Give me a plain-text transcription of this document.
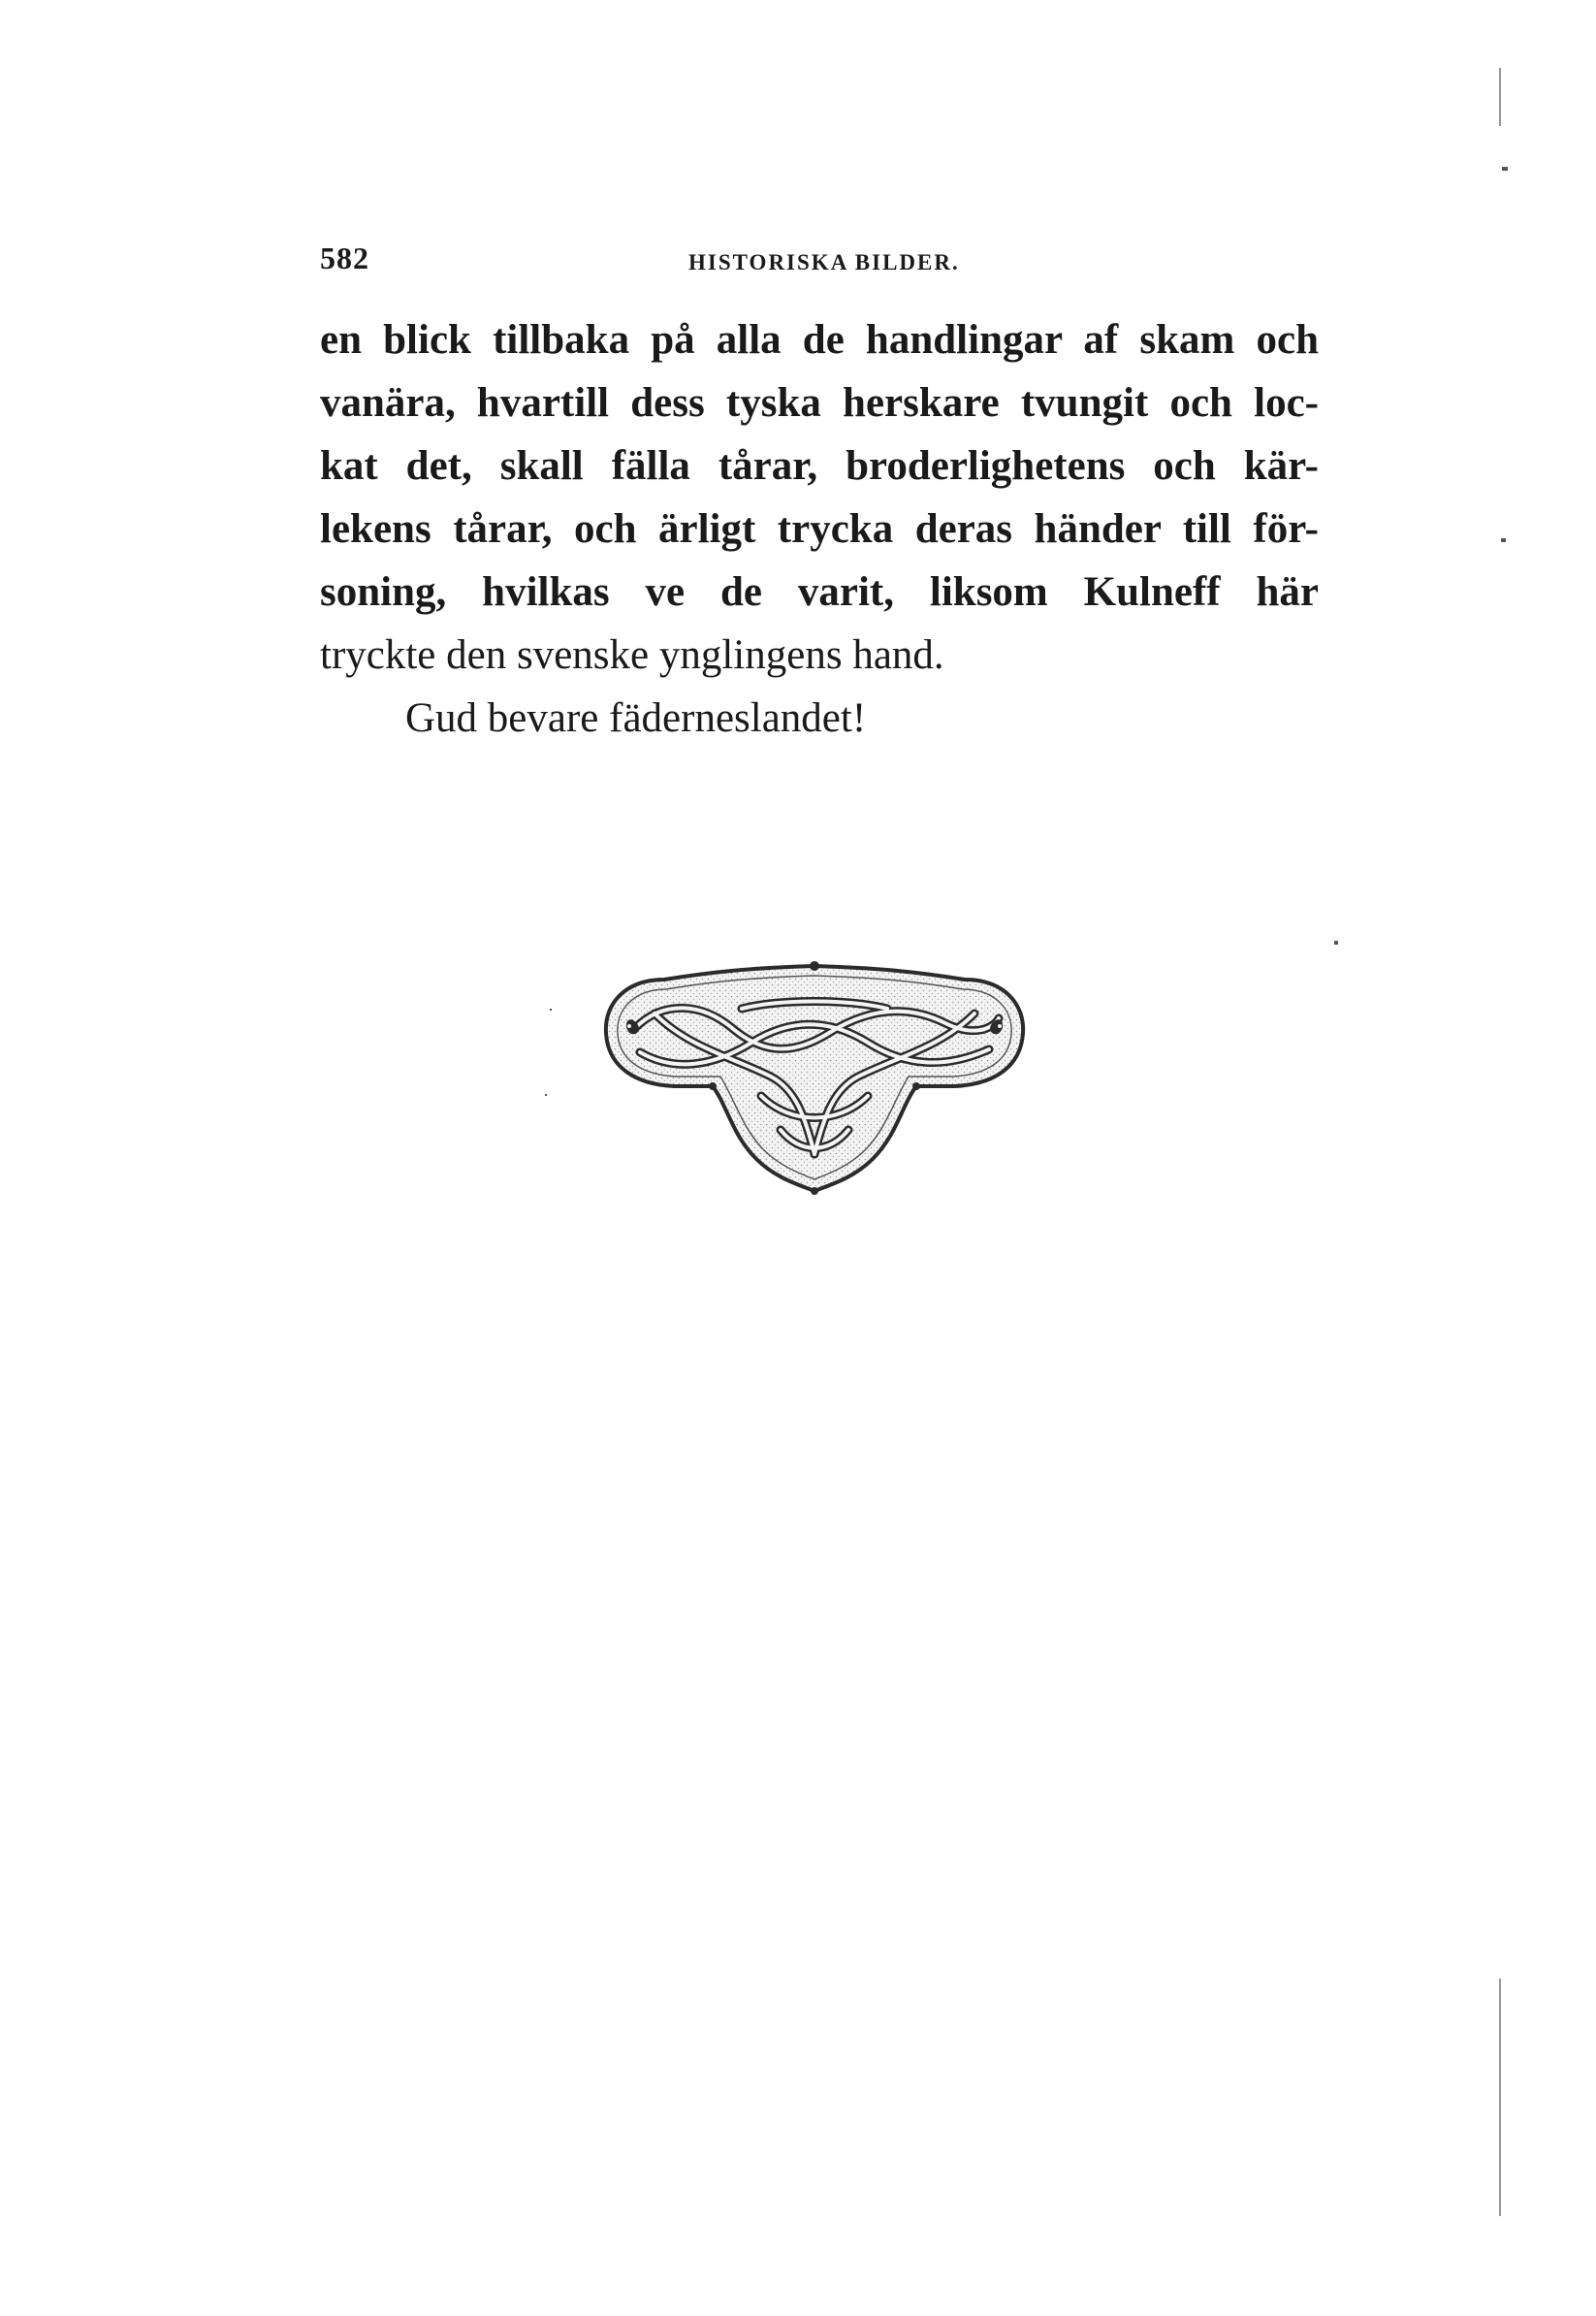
582	HISTORISKA BILDER.
en blick tillbaka på alla de handlingar af skam och
vanära, hvartill dess tyska herskare tvungit och loc-
kat det, skall fälla tårar, broderlighetens och kär-
lekens tårar, och ärligt trycka deras händer till för-
soning, hvilkas ve de varit, liksom Kulneff här
tryckte den svenske ynglingens hand.
Gud bevare fäderneslandet!
